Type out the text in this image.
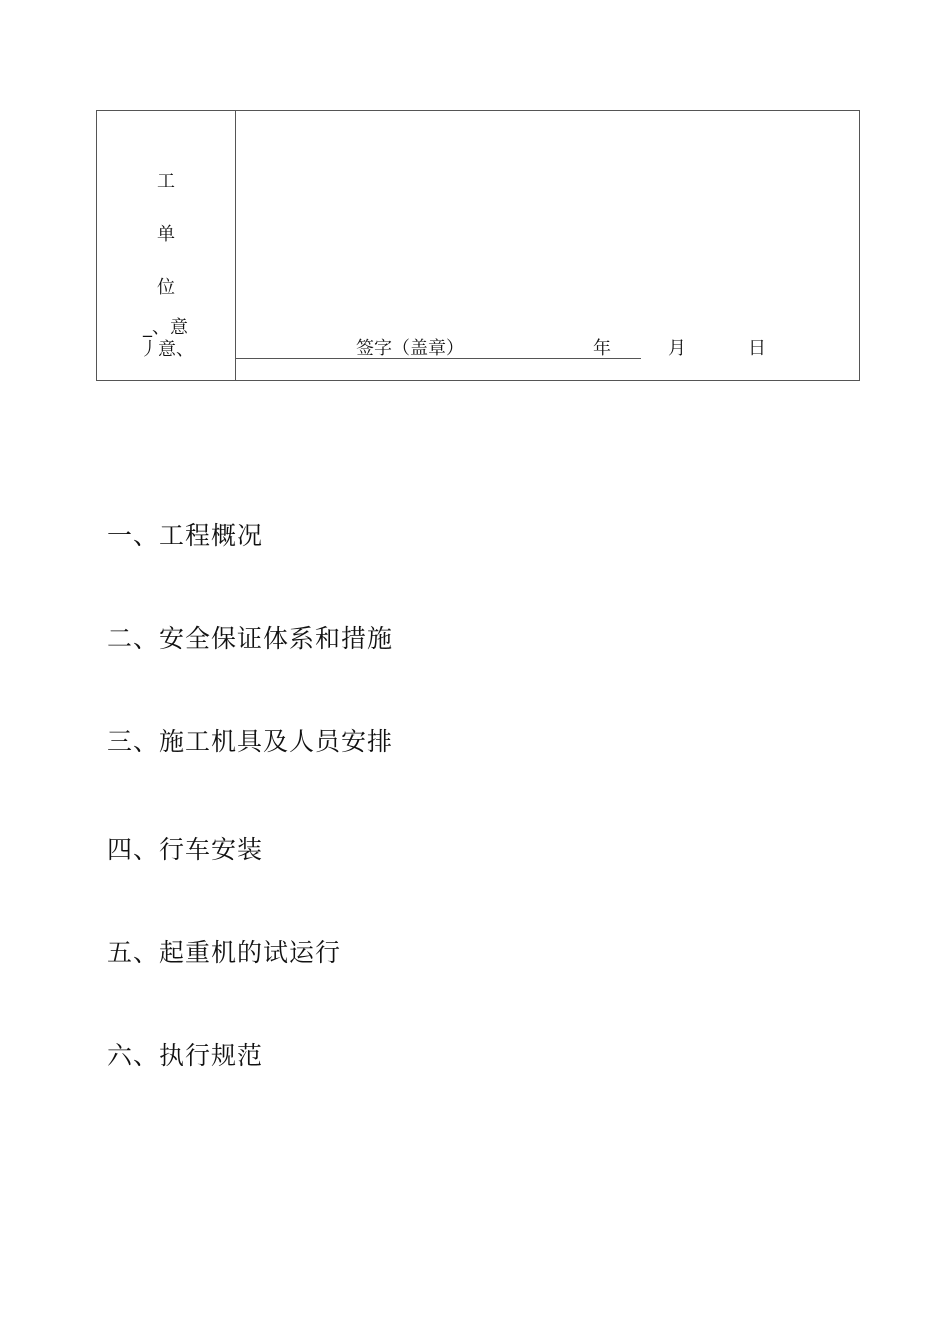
工
单
位
_、意
丿意、	签字（盖章）	年	月	日
一、工程概况
二、安全保证体系和措施
三、施工机具及人员安排
四、行车安装
五、起重机的试运行
六、执行规范
